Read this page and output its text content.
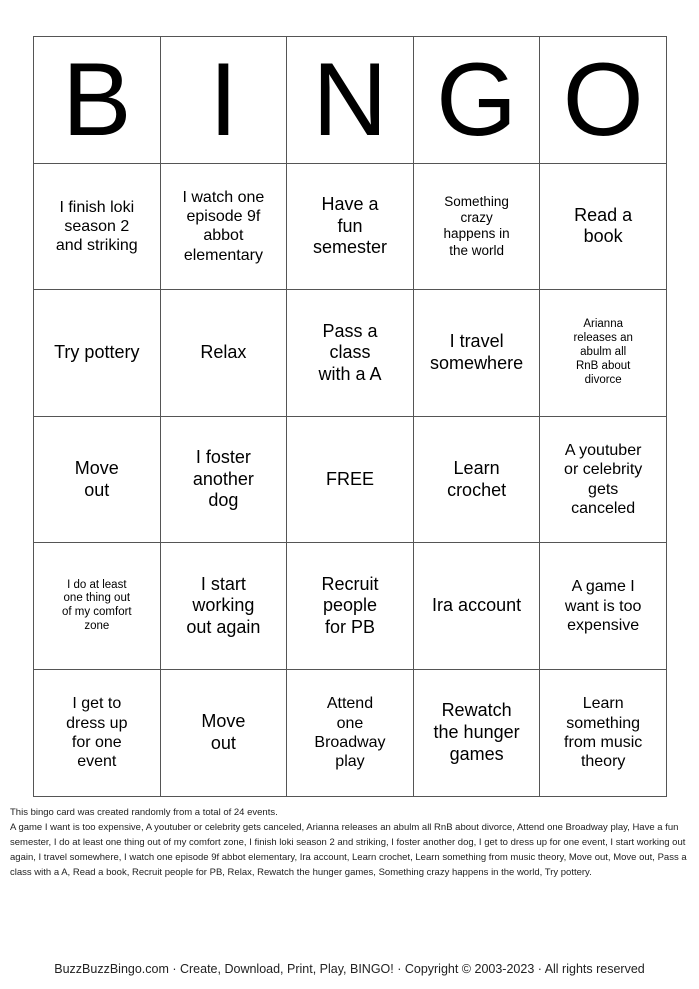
B	I	N	G	O
I finish loki season 2 and striking	I watch one episode 9f abbot elementary	Have a fun semester	Something crazy happens in the world	Read a book
Try pottery	Relax	Pass a class with a A	I travel somewhere	Arianna releases an abulm all RnB about divorce
Move out	I foster another dog	FREE	Learn crochet	A youtuber or celebrity gets canceled
I do at least one thing out of my comfort zone	I start working out again	Recruit people for PB	Ira account	A game I want is too expensive
I get to dress up for one event	Move out	Attend one Broadway play	Rewatch the hunger games	Learn something from music theory

This bingo card was created randomly from a total of 24 events.

A game I want is too expensive, A youtuber or celebrity gets canceled, Arianna releases an abulm all RnB about divorce, Attend one Broadway play, Have a fun semester, I do at least one thing out of my comfort zone, I finish loki season 2 and striking, I foster another dog, I get to dress up for one event, I start working out again, I travel somewhere, I watch one episode 9f abbot elementary, Ira account, Learn crochet, Learn something from music theory, Move out, Move out, Pass a class with a A, Read a book, Recruit people for PB, Relax, Rewatch the hunger games, Something crazy happens in the world, Try pottery.

BuzzBuzzBingo.com · Create, Download, Print, Play, BINGO! · Copyright © 2003-2023 · All rights reserved
